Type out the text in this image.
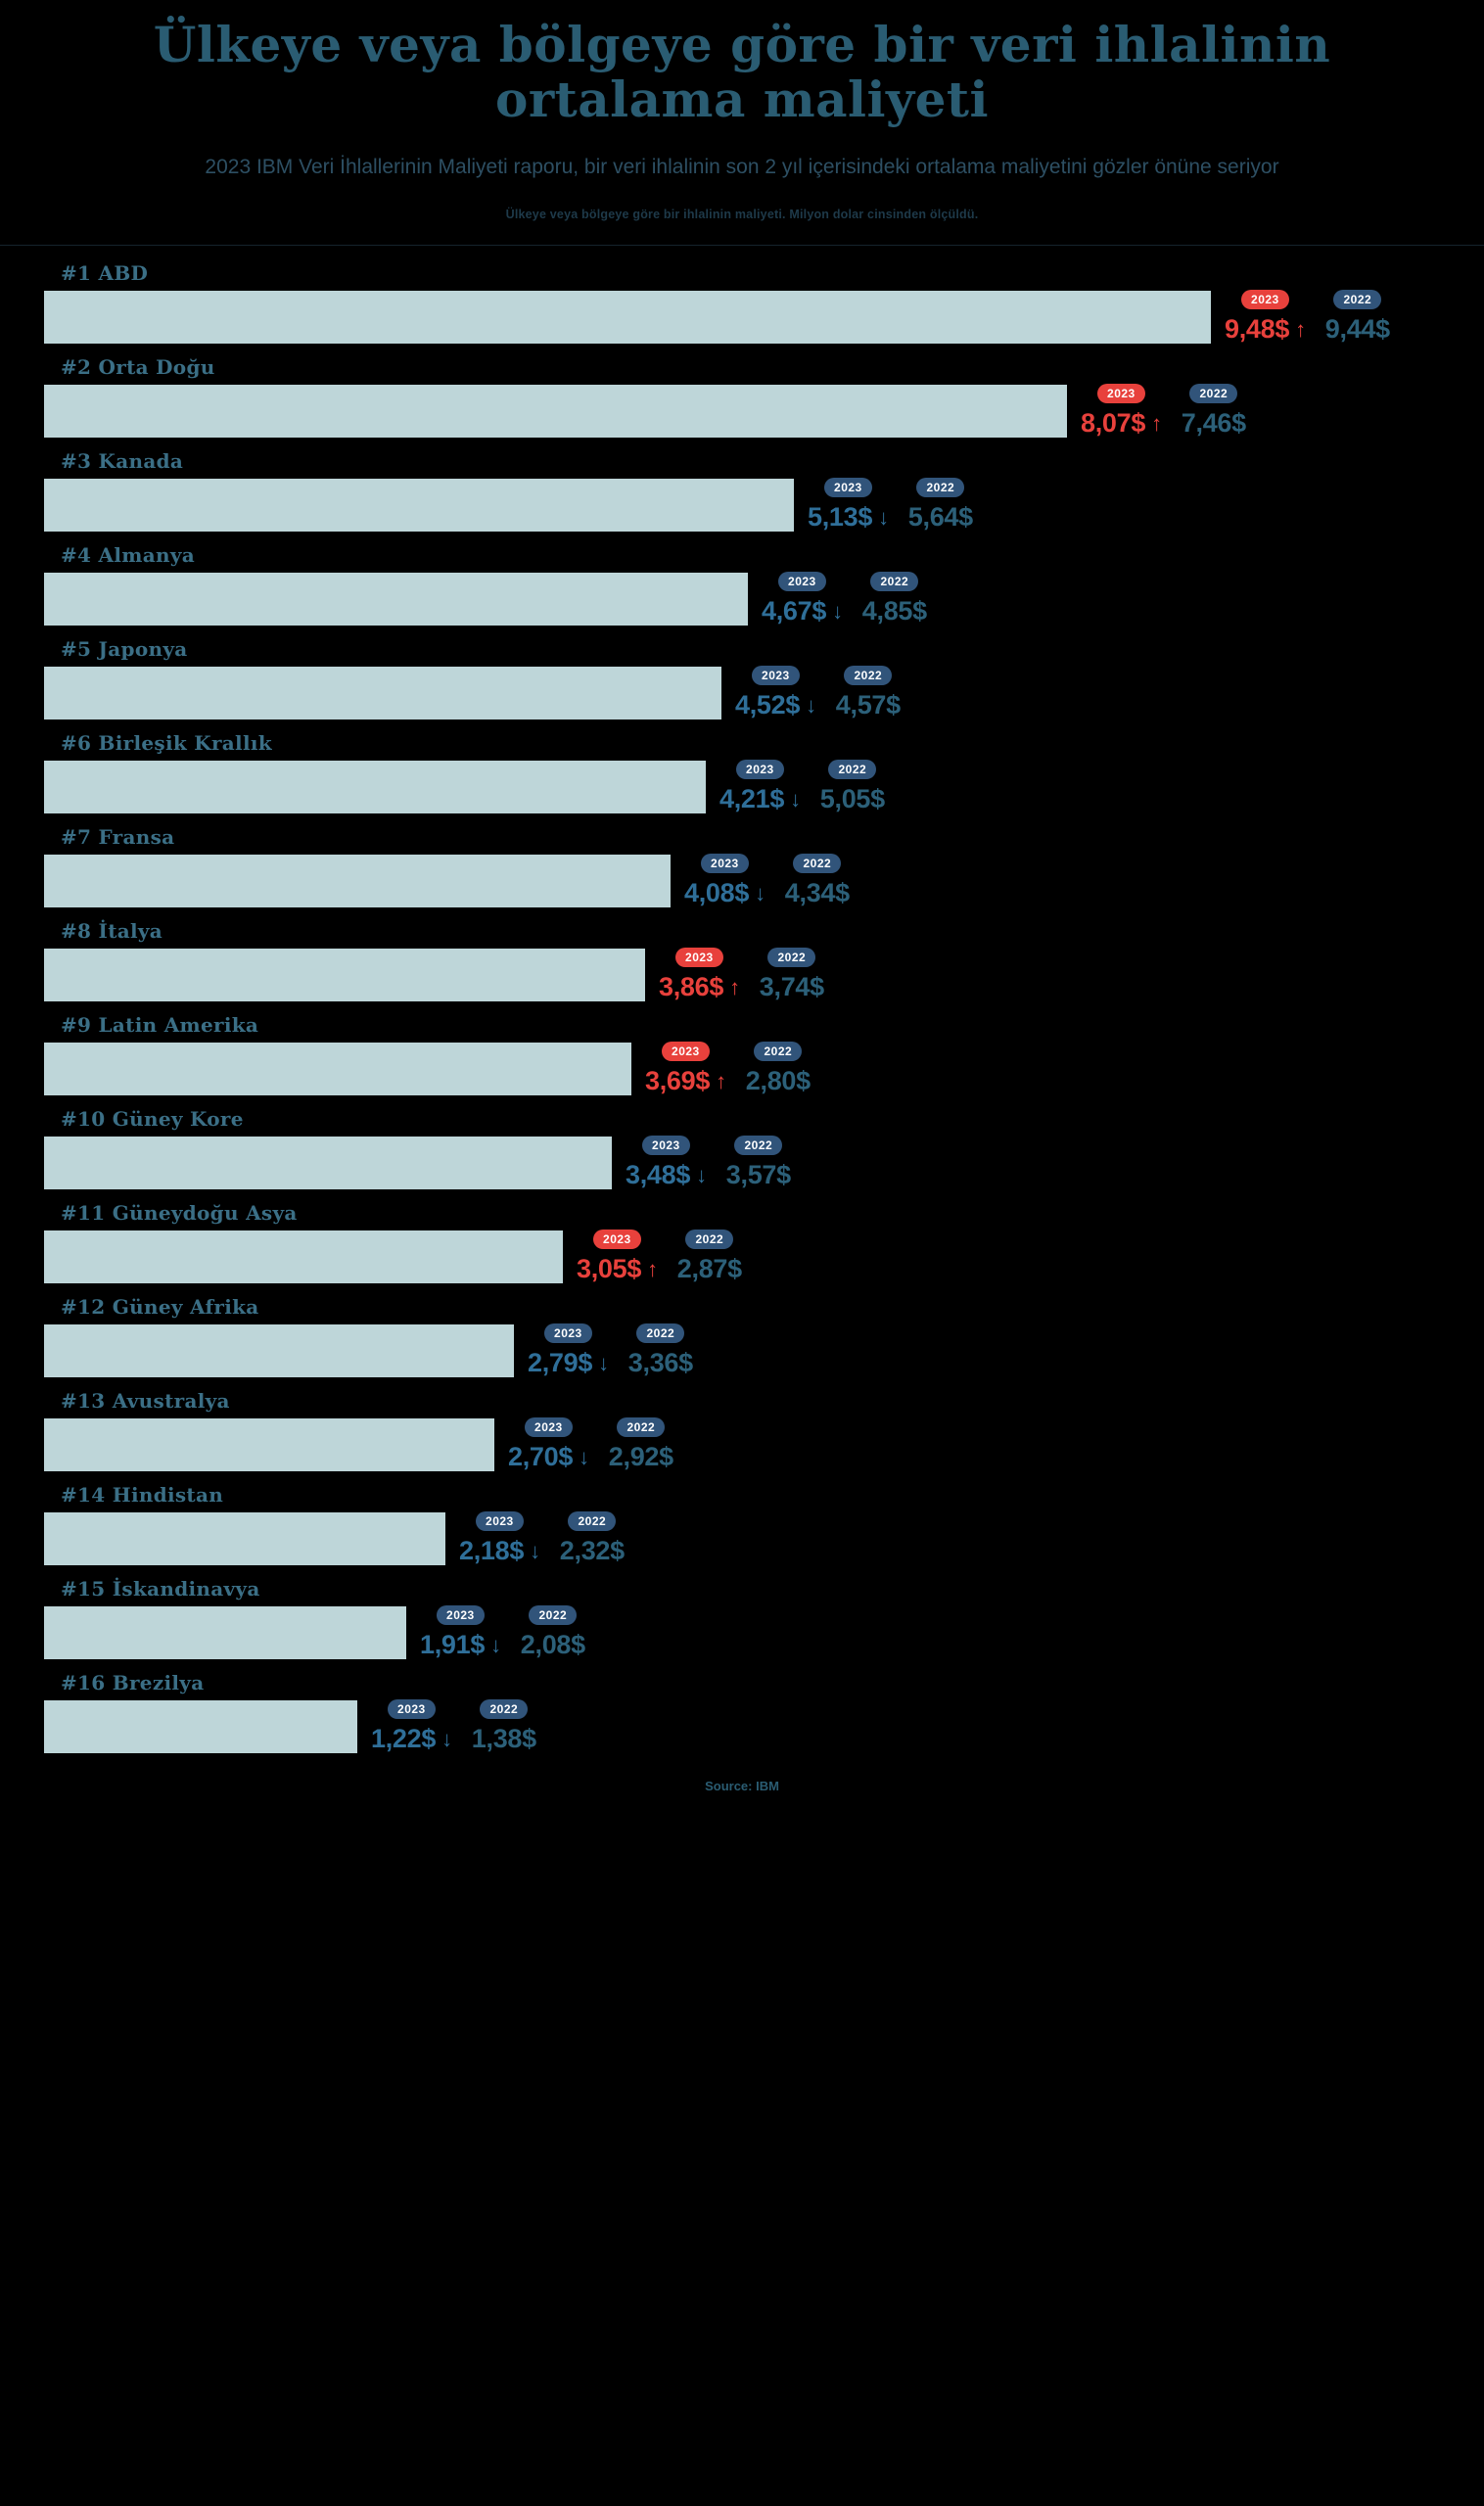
Ülkeye veya bölgeye göre bir veri ihlalinin ortalama maliyeti
2023 IBM Veri İhlallerinin Maliyeti raporu, bir veri ihlalinin son 2 yıl içerisindeki ortalama maliyetini gözler önüne seriyor
Ülkeye veya bölgeye göre bir ihlalinin maliyeti. Milyon dolar cinsinden ölçüldü.
#1 ABD
2023
9,48$ ↑
2022
9,44$
#2 Orta Doğu
2023
8,07$ ↑
2022
7,46$
#3 Kanada
2023
5,13$ ↓
2022
5,64$
#4 Almanya
2023
4,67$ ↓
2022
4,85$
#5 Japonya
2023
4,52$ ↓
2022
4,57$
#6 Birleşik Krallık
2023
4,21$ ↓
2022
5,05$
#7 Fransa
2023
4,08$ ↓
2022
4,34$
#8 İtalya
2023
3,86$ ↑
2022
3,74$
#9 Latin Amerika
2023
3,69$ ↑
2022
2,80$
#10 Güney Kore
2023
3,48$ ↓
2022
3,57$
#11 Güneydoğu Asya
2023
3,05$ ↑
2022
2,87$
#12 Güney Afrika
2023
2,79$ ↓
2022
3,36$
#13 Avustralya
2023
2,70$ ↓
2022
2,92$
#14 Hindistan
2023
2,18$ ↓
2022
2,32$
#15 İskandinavya
2023
1,91$ ↓
2022
2,08$
#16 Brezilya
2023
1,22$ ↓
2022
1,38$
Source: IBM
